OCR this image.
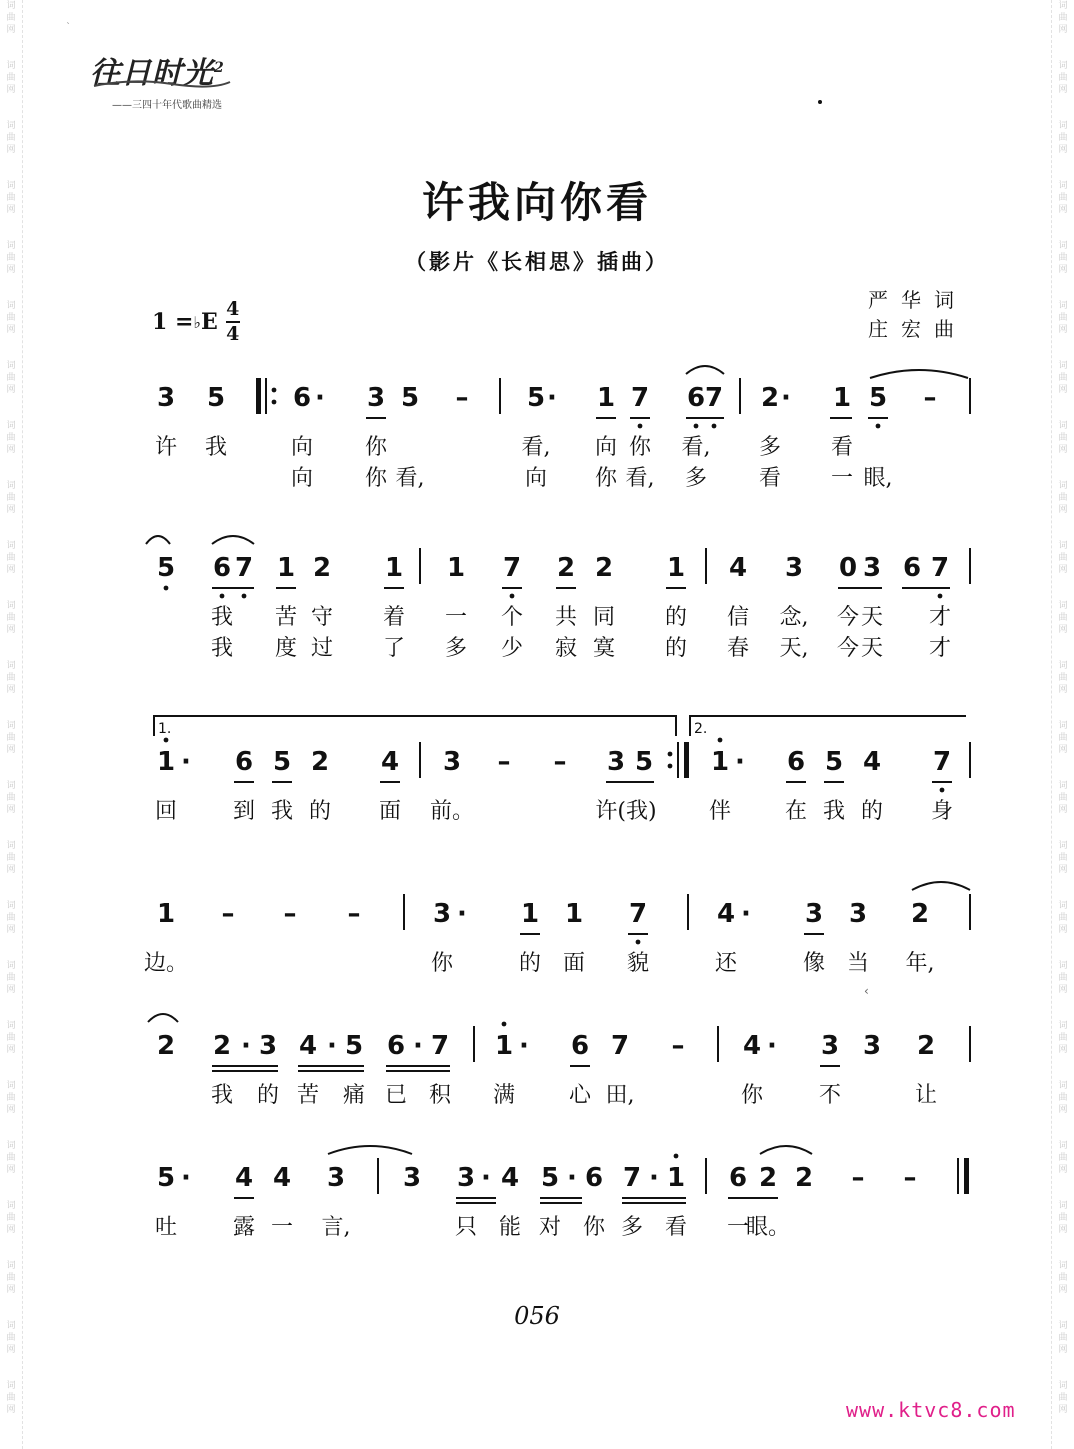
词
曲
网
词
曲
网
词
曲
网
词
曲
网
词
曲
网
词
曲
网
词
曲
网
词
曲
网
词
曲
网
词
曲
网
词
曲
网
词
曲
网
词
曲
网
词
曲
网
词
曲
网
词
曲
网
词
曲
网
词
曲
网
词
曲
网
词
曲
网
词
曲
网
词
曲
网
词
曲
网
词
曲
网
词
曲
网
词
曲
网
词
曲
网
词
曲
网
词
曲
网
词
曲
网
词
曲
网
词
曲
网
词
曲
网
词
曲
网
词
曲
网
词
曲
网
词
曲
网
词
曲
网
词
曲
网
词
曲
网
词
曲
网
词
曲
网
词
曲
网
词
曲
网
词
曲
网
词
曲
网
词
曲
网
词
曲
网
`
往日时光$^2$
——三四十年代歌曲精选
许我向你看
（影片《长相思》插曲）
1 = ♭ E 4
4
严华词
庄宏曲
3 5	6 · 3 5 – 5 · 1 7 6 7 2 · 1 5 –
许 我	向 你	看, 向 你 看, 多 看
向 你 看,	向 你 看, 多 看 一 眼,
5 6 7 1 2 1 1 7 2 2 1 4 3 0 3 6 7
我 苦 守 着 一 个 共 同 的 信 念, 今 天 才
我 度 过 了 多 少 寂 寞 的 春 天, 今 天 才
1 · 6 5 2 4 3 – – 3 5 1 · 6 5 4 7
回	到 我 的 面 前。	许(我) 伴 在 我 的 身
1 – – –	3 · 1 1 7	4 · 3 3 2
边。	你	的 面 貌	还	像 当 年,
2 2 · 3 4 · 5 6 · 7 1 · 6 7 – 4 · 3 3 2
我 的 苦 痛 已 积 满 心 田,	你	不	让
5 · 4 4 3 3 3 · 4 5 · 6 7 · 1 6 2 2 – –
吐	露 一 言,	只 能 对 你 多 看 一
眼。
1.	2.
‹
056
www.ktvc8.com
